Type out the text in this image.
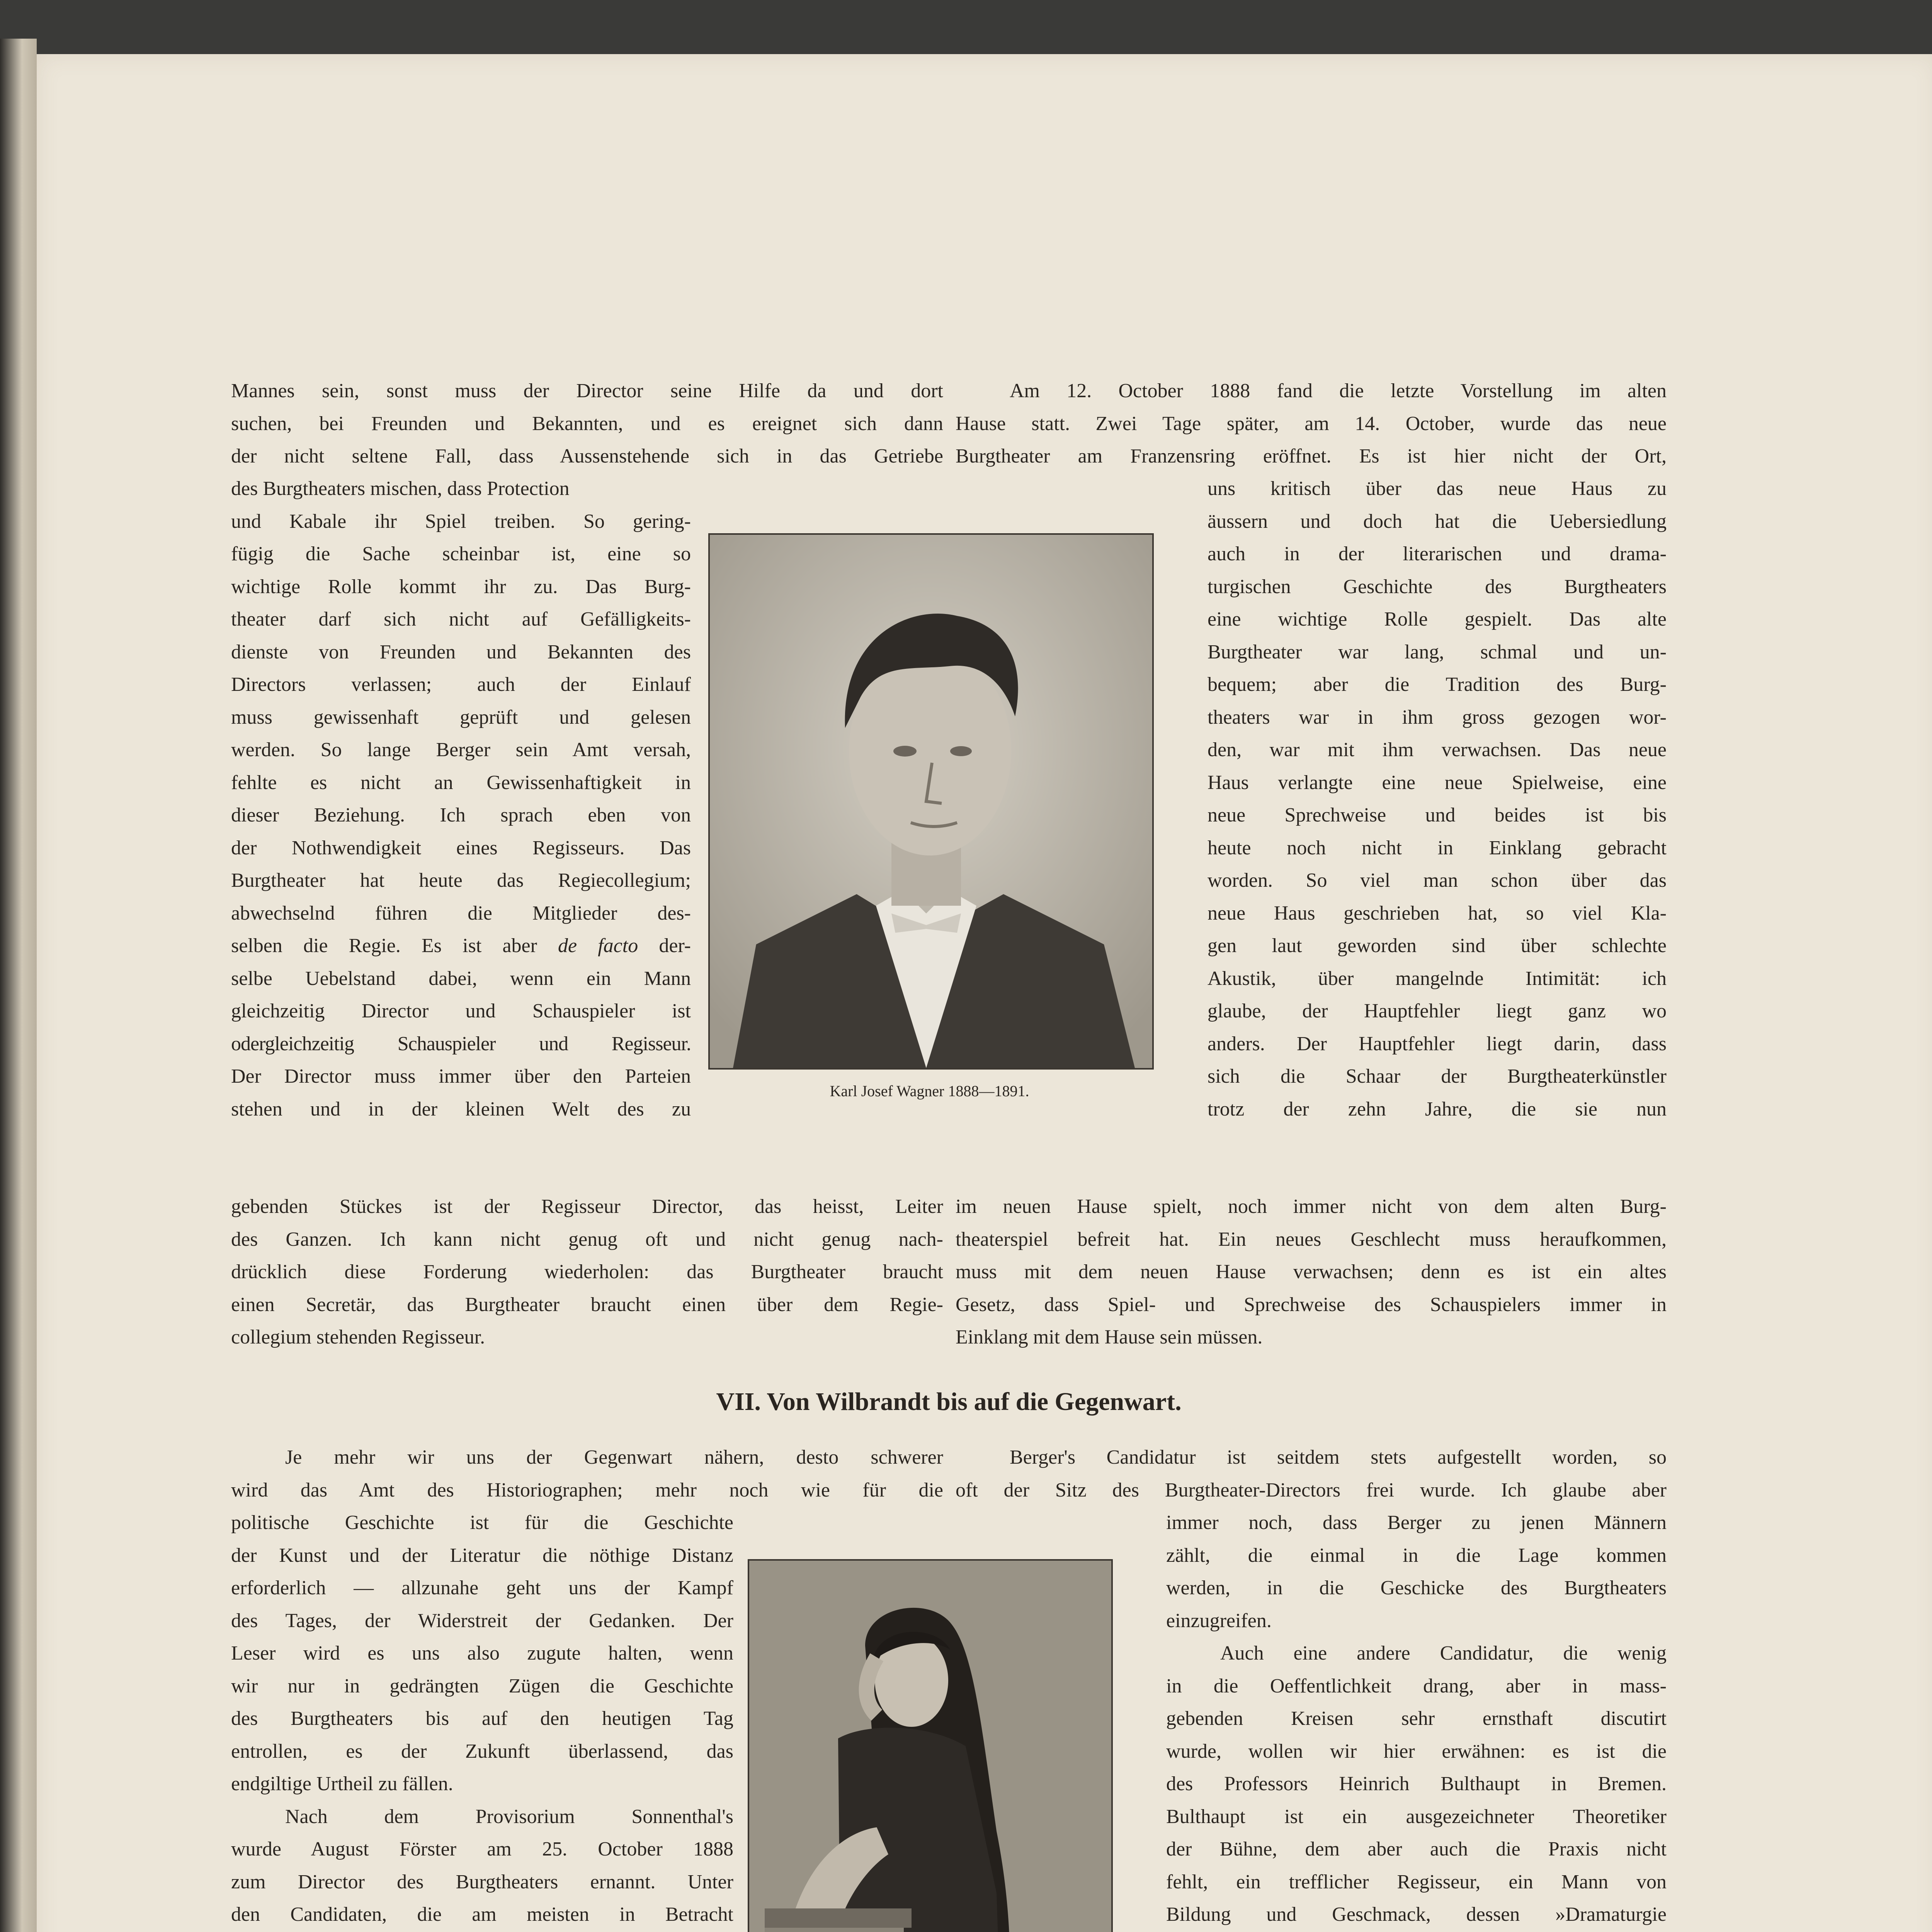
Mannes sein, sonst muss der Director seine Hilfe da und dort
suchen, bei Freunden und Bekannten, und es ereignet sich dann
der nicht seltene Fall, dass Aussenstehende sich in das Getriebe
des Burgtheaters mischen, dass Protection
und Kabale ihr Spiel treiben. So gering-
fügig die Sache scheinbar ist, eine so
wichtige Rolle kommt ihr zu. Das Burg-
theater darf sich nicht auf Gefälligkeits-
dienste von Freunden und Bekannten des
Directors verlassen; auch der Einlauf
muss gewissenhaft geprüft und gelesen
werden. So lange Berger sein Amt versah,
fehlte es nicht an Gewissenhaftigkeit in
dieser Beziehung. Ich sprach eben von
der Nothwendigkeit eines Regisseurs. Das
Burgtheater hat heute das Regiecollegium;
abwechselnd führen die Mitglieder des-
selben die Regie. Es ist aber de facto der-
selbe Uebelstand dabei, wenn ein Mann
gleichzeitig Director und Schauspieler ist
odergleichzeitig Schauspieler und Regisseur.
Der Director muss immer über den Parteien
stehen und in der kleinen Welt des zu
gebenden Stückes ist der Regisseur Director, das heisst, Leiter
des Ganzen. Ich kann nicht genug oft und nicht genug nach-
drücklich diese Forderung wiederholen: das Burgtheater braucht
einen Secretär, das Burgtheater braucht einen über dem Regie-
collegium stehenden Regisseur.
Karl Josef Wagner 1888—1891.
Am 12. October 1888 fand die letzte Vorstellung im alten
Hause statt. Zwei Tage später, am 14. October, wurde das neue
Burgtheater am Franzensring eröffnet. Es ist hier nicht der Ort,
uns kritisch über das neue Haus zu
äussern und doch hat die Uebersiedlung
auch in der literarischen und drama-
turgischen Geschichte des Burgtheaters
eine wichtige Rolle gespielt. Das alte
Burgtheater war lang, schmal und un-
bequem; aber die Tradition des Burg-
theaters war in ihm gross gezogen wor-
den, war mit ihm verwachsen. Das neue
Haus verlangte eine neue Spielweise, eine
neue Sprechweise und beides ist bis
heute noch nicht in Einklang gebracht
worden. So viel man schon über das
neue Haus geschrieben hat, so viel Kla-
gen laut geworden sind über schlechte
Akustik, über mangelnde Intimität: ich
glaube, der Hauptfehler liegt ganz wo
anders. Der Hauptfehler liegt darin, dass
sich die Schaar der Burgtheaterkünstler
trotz der zehn Jahre, die sie nun
im neuen Hause spielt, noch immer nicht von dem alten Burg-
theaterspiel befreit hat. Ein neues Geschlecht muss heraufkommen,
muss mit dem neuen Hause verwachsen; denn es ist ein altes
Gesetz, dass Spiel- und Sprechweise des Schauspielers immer in
Einklang mit dem Hause sein müssen.
VII. Von Wilbrandt bis auf die Gegenwart.
Je mehr wir uns der Gegenwart nähern, desto schwerer
wird das Amt des Historiographen; mehr noch wie für die
politische Geschichte ist für die Geschichte
der Kunst und der Literatur die nöthige Distanz
erforderlich — allzunahe geht uns der Kampf
des Tages, der Widerstreit der Gedanken. Der
Leser wird es uns also zugute halten, wenn
wir nur in gedrängten Zügen die Geschichte
des Burgtheaters bis auf den heutigen Tag
entrollen, es der Zukunft überlassend, das
endgiltige Urtheil zu fällen.
Nach dem Provisorium Sonnenthal's
wurde August Förster am 25. October 1888
zum Director des Burgtheaters ernannt. Unter
den Candidaten, die am meisten in Betracht
Berger's Candidatur ist seitdem stets aufgestellt worden, so
oft der Sitz des Burgtheater-Directors frei wurde. Ich glaube aber
immer noch, dass Berger zu jenen Männern
zählt, die einmal in die Lage kommen
werden, in die Geschicke des Burgtheaters
einzugreifen.
Auch eine andere Candidatur, die wenig
in die Oeffentlichkeit drang, aber in mass-
gebenden Kreisen sehr ernsthaft discutirt
wurde, wollen wir hier erwähnen: es ist die
des Professors Heinrich Bulthaupt in Bremen.
Bulthaupt ist ein ausgezeichneter Theoretiker
der Bühne, dem aber auch die Praxis nicht
fehlt, ein trefflicher Regisseur, ein Mann von
Bildung und Geschmack, dessen »Dramaturgie
